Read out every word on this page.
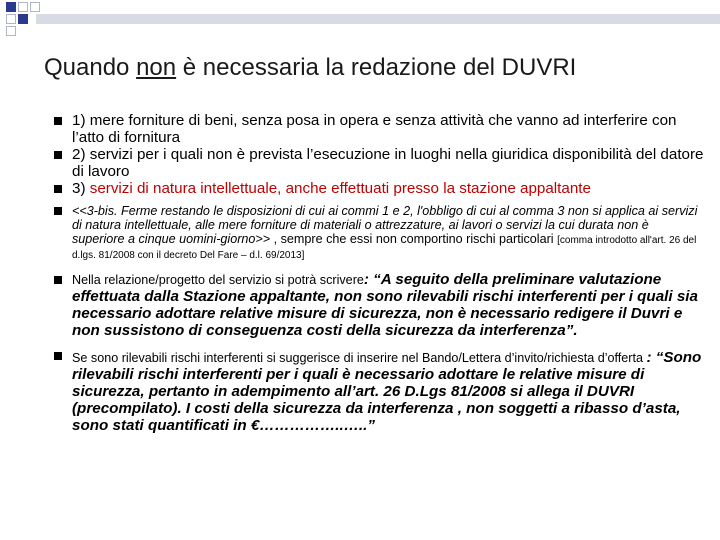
Quando non è necessaria la redazione del DUVRI
1) mere forniture di beni, senza posa in opera e senza attività che vanno ad interferire con l’atto di fornitura
2) servizi per i quali non è prevista l’esecuzione in luoghi nella giuridica disponibilità del datore di lavoro
3) servizi di natura intellettuale, anche effettuati presso la stazione appaltante
<<3-bis. Ferme restando le disposizioni di cui ai commi 1 e 2, l'obbligo di cui al comma 3 non si applica ai servizi di natura intellettuale, alle mere forniture di materiali o attrezzature, ai lavori o servizi la cui durata non è superiore a cinque uomini-giorno>> , sempre che essi non comportino rischi particolari [comma introdotto all'art. 26 del d.lgs. 81/2008 con il decreto Del Fare – d.l. 69/2013]
Nella relazione/progetto del servizio si potrà scrivere: “A seguito della preliminare valutazione effettuata dalla Stazione appaltante, non sono rilevabili rischi interferenti per i quali sia necessario adottare relative misure di sicurezza, non è necessario redigere il Duvri e non sussistono di conseguenza costi della sicurezza da interferenza”.
Se sono rilevabili rischi interferenti si suggerisce di inserire nel Bando/Lettera d’invito/richiesta d’offerta : “Sono rilevabili rischi interferenti per i quali è necessario adottare le relative misure di sicurezza, pertanto in adempimento all’art. 26 D.Lgs 81/2008 si allega il DUVRI (precompilato). I costi della sicurezza da interferenza , non soggetti a ribasso d’asta, sono stati quantificati in €……………..…..”
